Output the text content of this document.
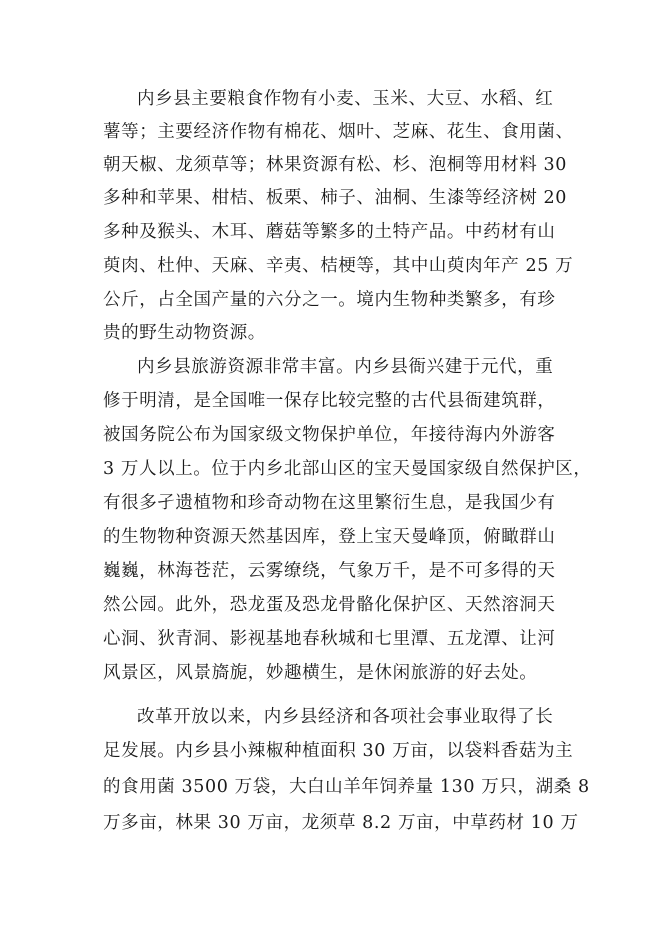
内乡县主要粮食作物有小麦、玉米、大豆、水稻、红
薯等；主要经济作物有棉花、烟叶、芝麻、花生、食用菌、
朝天椒、龙须草等；林果资源有松、杉、泡桐等用材料 30
多种和苹果、柑桔、板栗、柿子、油桐、生漆等经济树 20
多种及猴头、木耳、蘑菇等繁多的土特产品。中药材有山
萸肉、杜仲、天麻、辛夷、桔梗等，其中山萸肉年产 25 万
公斤，占全国产量的六分之一。境内生物种类繁多，有珍
贵的野生动物资源。
内乡县旅游资源非常丰富。内乡县衙兴建于元代，重
修于明清，是全国唯一保存比较完整的古代县衙建筑群，
被国务院公布为国家级文物保护单位，年接待海内外游客
3 万人以上。位于内乡北部山区的宝天曼国家级自然保护区，
有很多孑遗植物和珍奇动物在这里繁衍生息，是我国少有
的生物物种资源天然基因库，登上宝天曼峰顶，俯瞰群山
巍巍，林海苍茫，云雾缭绕，气象万千，是不可多得的天
然公园。此外，恐龙蛋及恐龙骨骼化保护区、天然溶洞天
心洞、狄青洞、影视基地春秋城和七里潭、五龙潭、让河
风景区，风景旖旎，妙趣横生，是休闲旅游的好去处。
改革开放以来，内乡县经济和各项社会事业取得了长
足发展。内乡县小辣椒种植面积 30 万亩，以袋料香菇为主
的食用菌 3500 万袋，大白山羊年饲养量 130 万只，湖桑 8
万多亩，林果 30 万亩，龙须草 8.2 万亩，中草药材 10 万
